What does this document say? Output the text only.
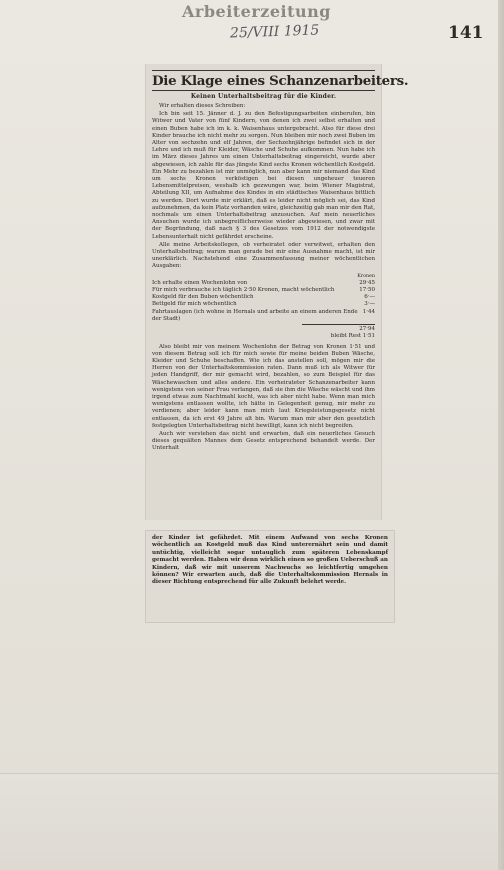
Arbeiterzeitung
25/VIII 1915	141
Die Klage eines Schanzenarbeiters.
Keinen Unterhaltsbeitrag für die Kinder.

Wir erhalten dieses Schreiben:

Ich bin seit 15. Jänner d. J. zu den Befestigungsarbeiten einberufen, bin Witwer und Vater von fünf Kindern, von denen ich zwei selbst erhalten und einen Buben habe ich im k. k. Waisenhaus untergebracht. Also für diese drei Kinder brauche ich nicht mehr zu sorgen. Nun bleiben mir noch zwei Buben im Alter von sechzehn und elf Jahren, der Sechzehnjährige befindet sich in der Lehre und ich muß für Kleider, Wäsche und Schuhe aufkommen. Nun habe ich im März dieses Jahres um einen Unterhaltsbeitrag eingereicht, wurde aber abgewiesen, ich zahle für das jüngste Kind sechs Kronen wöchentlich Kostgeld. Ein Mehr zu bezahlen ist mir unmöglich, nun aber kann mir niemand das Kind um sechs Kronen verköstigen bei diesen ungeheuer teueren Lebensmittelpreisen, weshalb ich gezwungen war, beim Wiener Magistrat, Abteilung XII, um Aufnahme des Kindes in ein städtisches Waisenhaus bittlich zu werden. Dort wurde mir erklärt, daß es leider nicht möglich sei, das Kind aufzunehmen, da kein Platz vorhanden wäre, gleichzeitig gab man mir den Rat, nochmals um einen Unterhaltsbeitrag anzusuchen. Auf mein neuerliches Ansuchen wurde ich unbegreiflicherweise wieder abgewiesen, und zwar mit der Begründung, daß nach § 3 des Gesetzes vom 1912 der notwendigste Lebensunterhalt nicht gefährdet erscheine.

Alle meine Arbeitskollegen, ob verheiratet oder verwitwet, erhalten den Unterhaltsbeitrag; warum man gerade bei mir eine Ausnahme macht, ist mir unerklärlich. Nachstehend eine Zusammenfassung meiner wöchentlichen Ausgaben:

Kronen
Ich erhalte einen Wochenlohn von	29·45
Für mich verbrauche ich täglich 2·50 Kronen, macht wöchentlich	17·50
Kostgeld für den Buben wöchentlich	6·—
Bettgeld für mich wöchentlich	3·—
Fahrtauslagen (ich wohne in Hernals und arbeite an einem anderen Ende der Stadt)
1·44
27·94
bleibt Rest 1·51

Also bleibt mir von meinem Wochenlohn der Betrag von Kronen 1·51 und von diesem Betrag soll ich für mich sowie für meine beiden Buben Wäsche, Kleider und Schuhe beschaffen. Wie ich das anstellen soll, mögen mir die Herren von der Unterhaltskommission raten. Dann muß ich als Witwer für jeden Handgriff, der mir gemacht wird, bezahlen, so zum Beispiel für das Wäschewaschen und alles andere. Ein verheirateter Schanzenarbeiter kann wenigstens von seiner Frau verlangen, daß sie ihm die Wäsche wäscht und ihm irgend etwas zum Nachtmahl kocht, was ich aber nicht habe. Wenn man mich wenigstens entlassen wollte, ich hätte in Gelegenheit genug, mir mehr zu verdienen; aber leider kann man mich laut Kriegsleistungsgesetz nicht entlassen, da ich erst 49 Jahre alt bin. Warum man mir aber den gesetzlich festgelegten Unterhaltsbeitrag nicht bewilligt, kann ich nicht begreifen.

Auch wir verstehen das nicht und erwarten, daß ein neuerliches Gesuch dieses gequälten Mannes dem Gesetz entsprechend behandelt werde. Der Unterhalt

der Kinder ist gefährdet. Mit einem Aufwand von sechs Kronen wöchentlich an Kostgeld muß das Kind unterernährt sein und damit untüchtig, vielleicht sogar untauglich zum späteren Lebenskampf gemacht werden. Haben wir denn wirklich einen so großen Ueberschuß an Kindern, daß wir mit unserem Nachwuchs so leichtfertig umgehen können? Wir erwarten auch, daß die Unterhaltskommission Hernals in dieser Richtung entsprechend für alle Zukunft belehrt werde.
